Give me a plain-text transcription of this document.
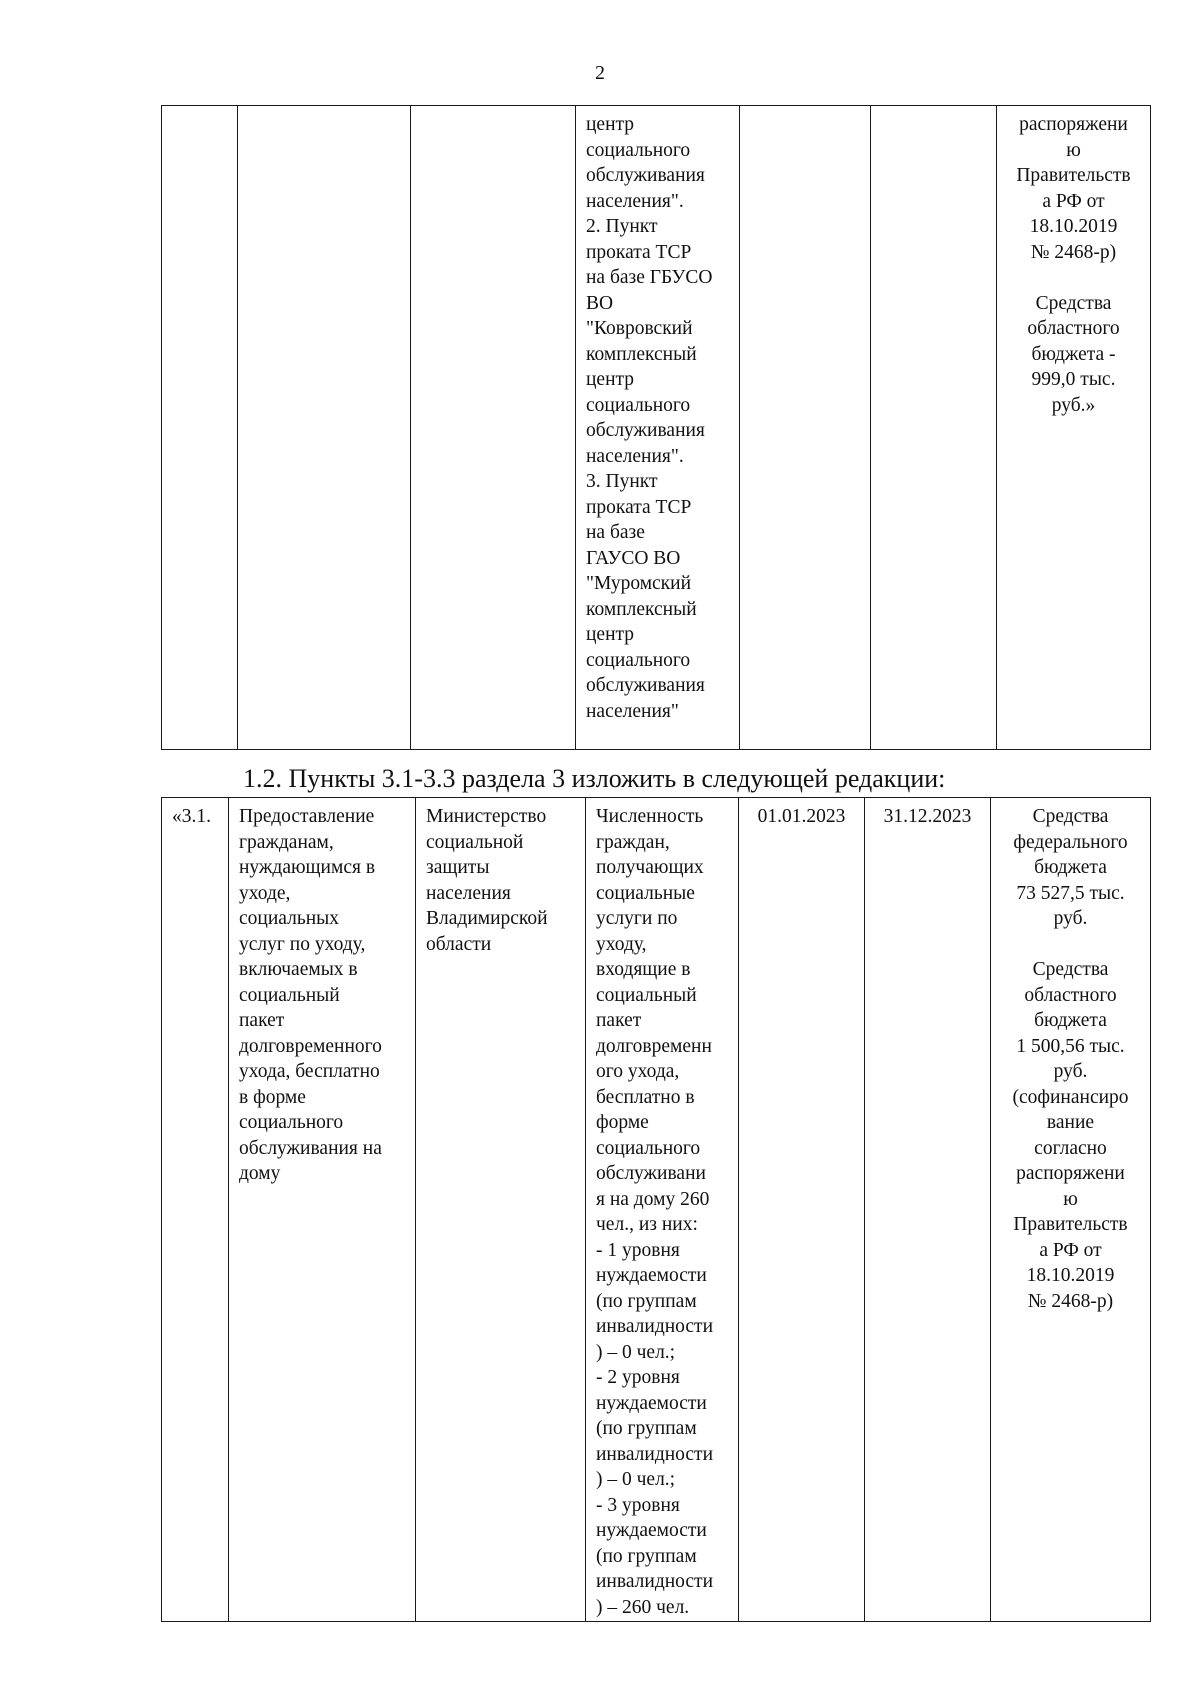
2
			центр
социального
обслуживания
населения".
2. Пункт
проката ТСР
на базе ГБУСО
ВО
"Ковровский
комплексный
центр
социального
обслуживания
населения".
3. Пункт
проката ТСР
на базе
ГАУСО ВО
"Муромский
комплексный
центр
социального
обслуживания
населения"			распоряжени
ю
Правительств
а РФ от
18.10.2019
№ 2468-р)

Средства
областного
бюджета -
999,0 тыс.
руб.»
1.2. Пункты 3.1-3.3 раздела 3 изложить в следующей редакции:
«3.1.	Предоставление
гражданам,
нуждающимся в
уходе,
социальных
услуг по уходу,
включаемых в
социальный
пакет
долговременного
ухода, бесплатно
в форме
социального
обслуживания на
дому	Министерство
социальной
защиты
населения
Владимирской
области	Численность
граждан,
получающих
социальные
услуги по
уходу,
входящие в
социальный
пакет
долговременн
ого ухода,
бесплатно в
форме
социального
обслуживани
я на дому 260
чел., из них:
- 1 уровня
нуждаемости
(по группам
инвалидности
) – 0 чел.;
- 2 уровня
нуждаемости
(по группам
инвалидности
) – 0 чел.;
- 3 уровня
нуждаемости
(по группам
инвалидности
) – 260 чел.	01.01.2023	31.12.2023	Средства
федерального
бюджета
73 527,5 тыс.
руб.

Средства
областного
бюджета
1 500,56 тыс.
руб.
(софинансиро
вание
согласно
распоряжени
ю
Правительств
а РФ от
18.10.2019
№ 2468-р)
